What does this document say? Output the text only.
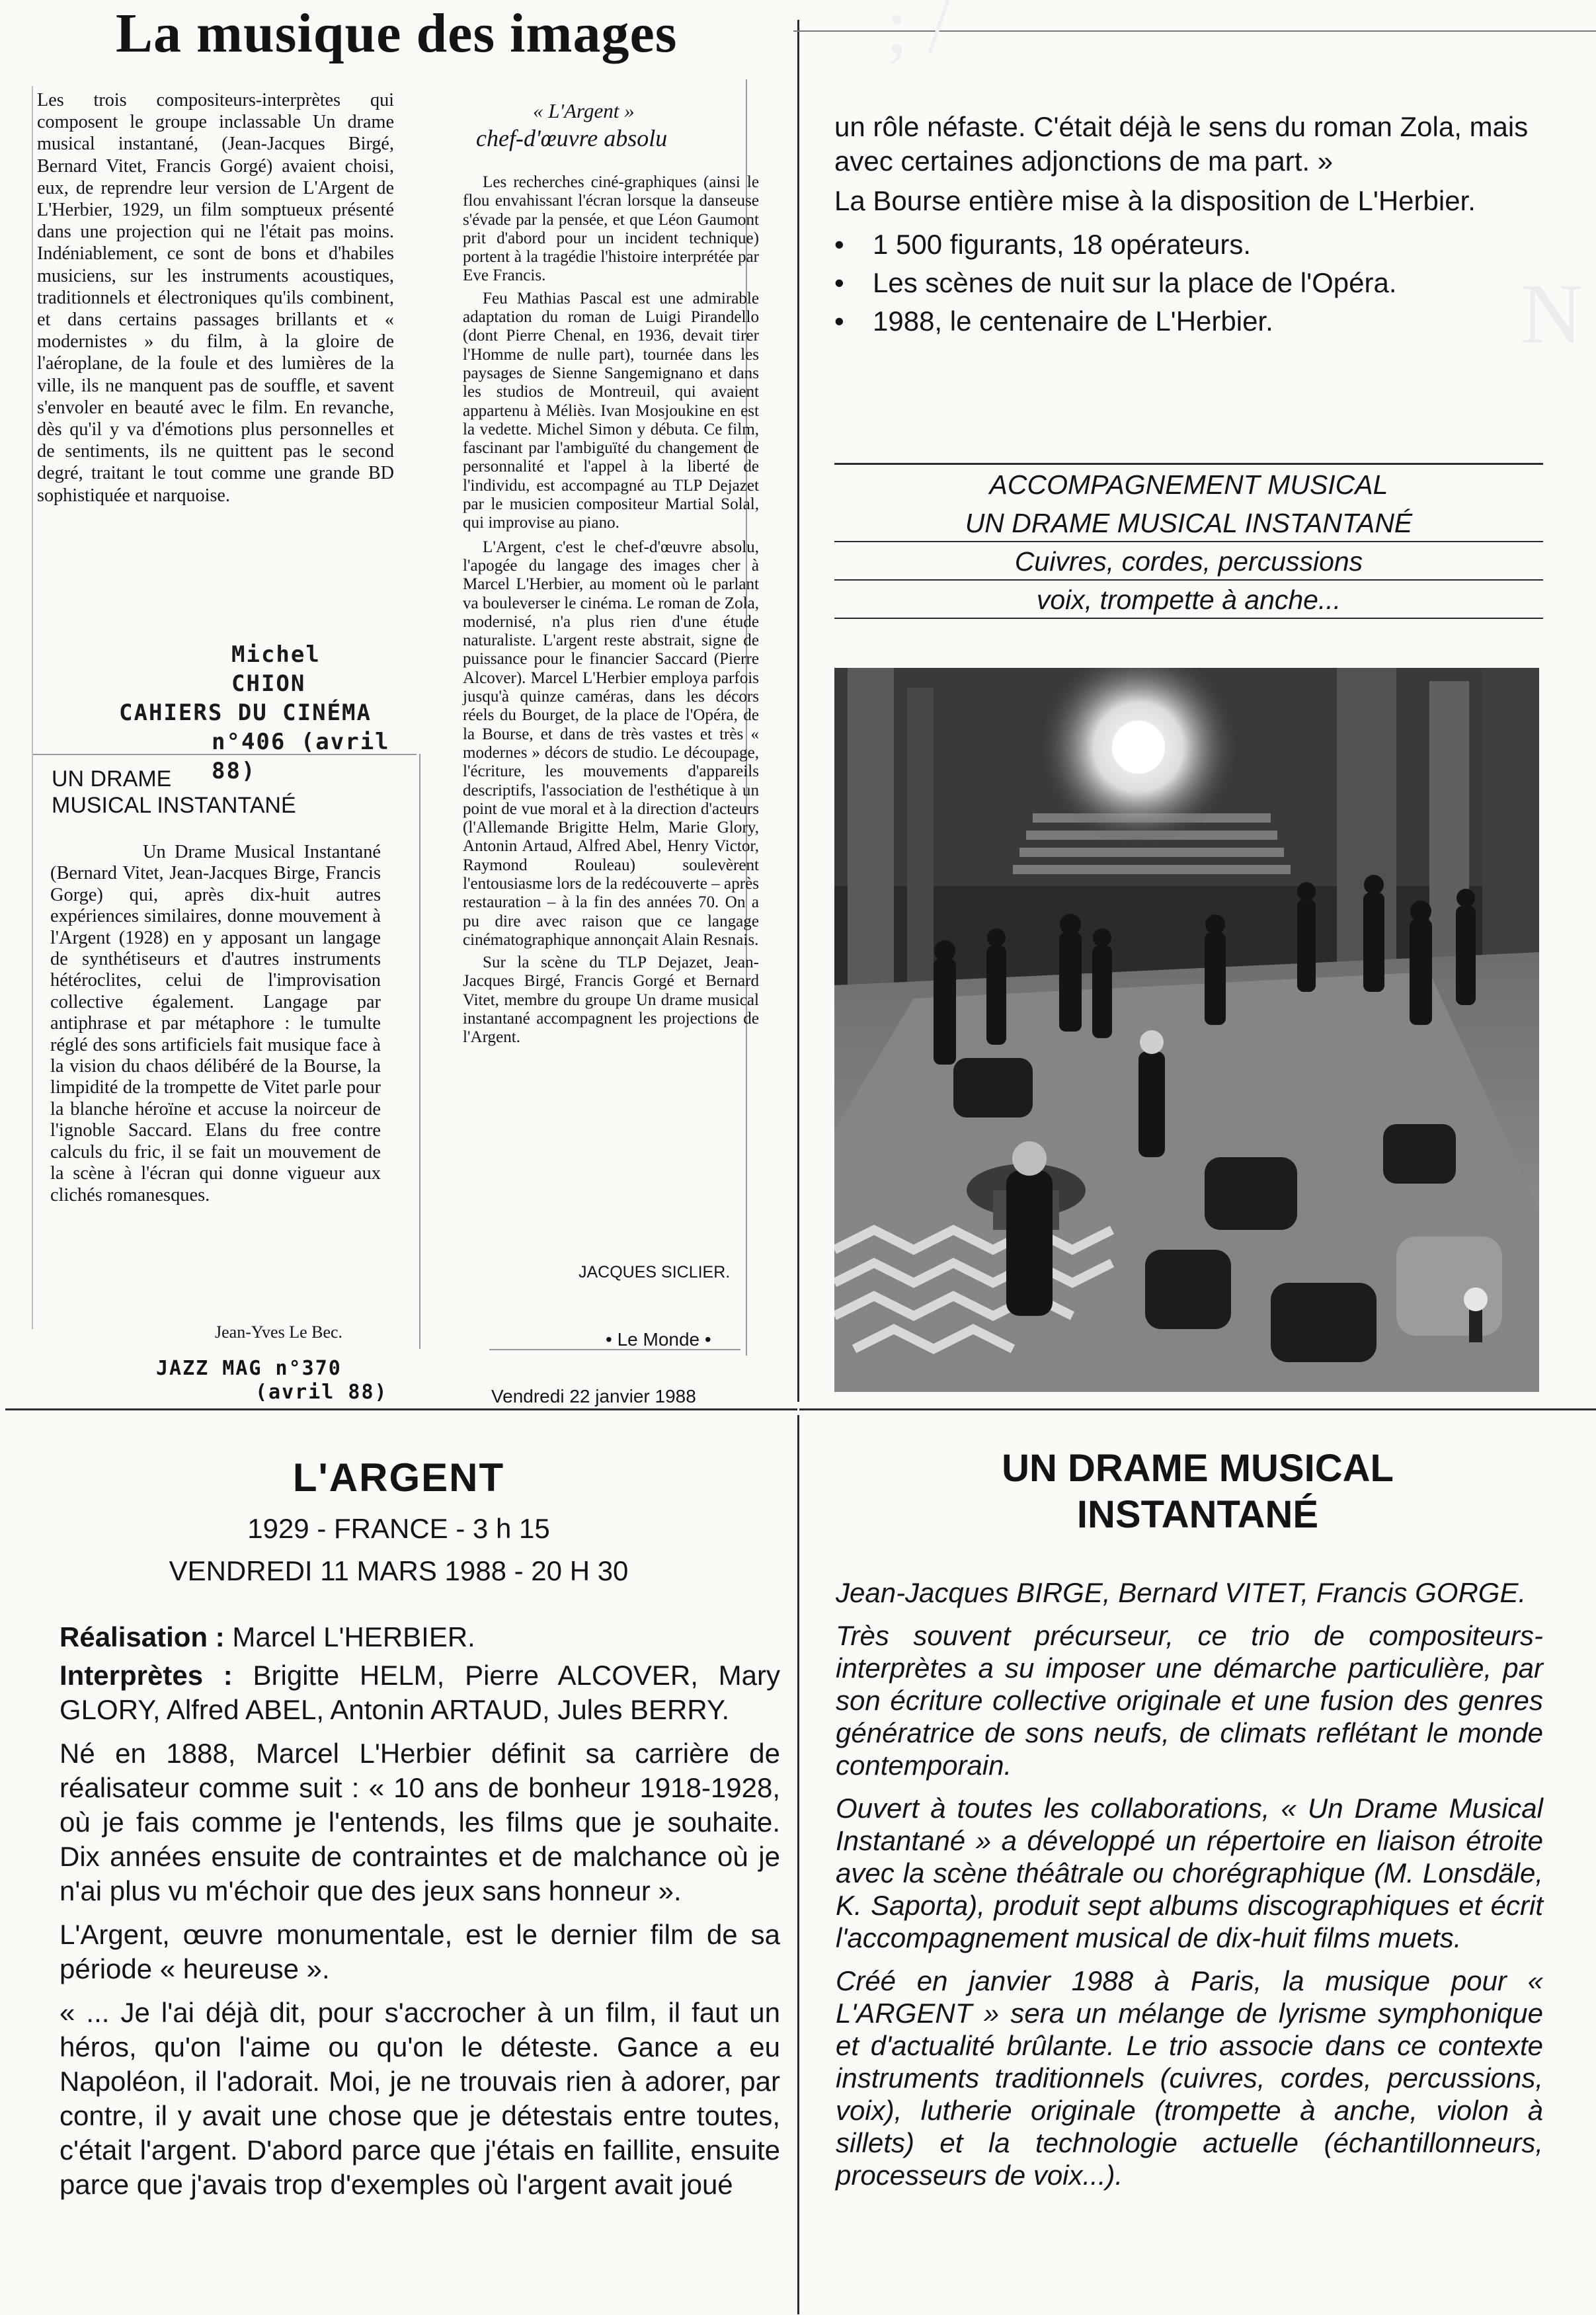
N
; /
La musique des images
Les trois compositeurs-interprètes qui composent le groupe inclassable Un drame musical instantané, (Jean-Jacques Birgé, Bernard Vitet, Francis Gorgé) avaient choisi, eux, de reprendre leur version de L'Argent de L'Herbier, 1929, un film somptueux présenté dans une projection qui ne l'était pas moins. Indéniablement, ce sont de bons et d'habiles musiciens, sur les instruments acoustiques, traditionnels et électroniques qu'ils combinent, et dans certains passages brillants et « modernistes » du film, à la gloire de l'aéroplane, de la foule et des lumières de la ville, ils ne manquent pas de souffle, et savent s'envoler en beauté avec le film. En revanche, dès qu'il y va d'émotions plus personnelles et de sentiments, ils ne quittent pas le second degré, traitant le tout comme une grande BD sophistiquée et narquoise.
Michel CHION
CAHIERS DU CINÉMA
n°406 (avril 88)
UN DRAME
MUSICAL INSTANTANÉ
Un Drame Musical Instantané (Bernard Vitet, Jean-Jacques Birge, Francis Gorge) qui, après dix-huit autres expériences similaires, donne mouvement à l'Argent (1928) en y apposant un langage de synthétiseurs et d'autres instruments hétéroclites, celui de l'improvisation collective également. Langage par antiphrase et par métaphore : le tumulte réglé des sons artificiels fait musique face à la vision du chaos délibéré de la Bourse, la limpidité de la trompette de Vitet parle pour la blanche héroïne et accuse la noirceur de l'ignoble Saccard. Elans du free contre calculs du fric, il se fait un mouvement de la scène à l'écran qui donne vigueur aux clichés romanesques.
Jean-Yves Le Bec.
JAZZ MAG n°370
(avril 88)
« L'Argent »
chef-d'œuvre absolu

Les recherches ciné-graphiques (ainsi le flou envahissant l'écran lorsque la danseuse s'évade par la pensée, et que Léon Gaumont prit d'abord pour un incident technique) portent à la tragédie l'histoire interprétée par Eve Francis.

Feu Mathias Pascal est une admirable adaptation du roman de Luigi Pirandello (dont Pierre Chenal, en 1936, devait tirer l'Homme de nulle part), tournée dans les paysages de Sienne Sangemignano et dans les studios de Montreuil, qui avaient appartenu à Méliès. Ivan Mosjoukine en est la vedette. Michel Simon y débuta. Ce film, fascinant par l'ambiguïté du changement de personnalité et l'appel à la liberté de l'individu, est accompagné au TLP Dejazet par le musicien compositeur Martial Solal, qui improvise au piano.

L'Argent, c'est le chef-d'œuvre absolu, l'apogée du langage des images cher à Marcel L'Herbier, au moment où le parlant va bouleverser le cinéma. Le roman de Zola, modernisé, n'a plus rien d'une étude naturaliste. L'argent reste abstrait, signe de puissance pour le financier Saccard (Pierre Alcover). Marcel L'Herbier employa parfois jusqu'à quinze caméras, dans les décors réels du Bourget, de la place de l'Opéra, de la Bourse, et dans de très vastes et très « modernes » décors de studio. Le découpage, l'écriture, les mouvements d'appareils descriptifs, l'association de l'esthétique à un point de vue moral et à la direction d'acteurs (l'Allemande Brigitte Helm, Marie Glory, Antonin Artaud, Alfred Abel, Henry Victor, Raymond Rouleau) soulevèrent l'entousiasme lors de la redécouverte – après restauration – à la fin des années 70. On a pu dire avec raison que ce langage cinématographique annonçait Alain Resnais.

Sur la scène du TLP Dejazet, Jean-Jacques Birgé, Francis Gorgé et Bernard Vitet, membre du groupe Un drame musical instantané accompagnent les projections de l'Argent.

JACQUES SICLIER.
• Le Monde •
Vendredi 22 janvier 1988

un rôle néfaste. C'était déjà le sens du roman Zola, mais avec certaines adjonctions de ma part. »

La Bourse entière mise à la disposition de L'Herbier.

• 1 500 figurants, 18 opérateurs.
• Les scènes de nuit sur la place de l'Opéra.
• 1988, le centenaire de L'Herbier.
ACCOMPAGNEMENT MUSICAL
UN DRAME MUSICAL INSTANTANÉ
Cuivres, cordes, percussions
voix, trompette à anche...
L'ARGENT
1929 - FRANCE - 3 h 15
VENDREDI 11 MARS 1988 - 20 H 30

Réalisation : Marcel L'HERBIER.

Interprètes : Brigitte HELM, Pierre ALCOVER, Mary GLORY, Alfred ABEL, Antonin ARTAUD, Jules BERRY.

Né en 1888, Marcel L'Herbier définit sa carrière de réalisateur comme suit : « 10 ans de bonheur 1918-1928, où je fais comme je l'entends, les films que je souhaite. Dix années ensuite de contraintes et de malchance où je n'ai plus vu m'échoir que des jeux sans honneur ».

L'Argent, œuvre monumentale, est le dernier film de sa période « heureuse ».

« ... Je l'ai déjà dit, pour s'accrocher à un film, il faut un héros, qu'on l'aime ou qu'on le déteste. Gance a eu Napoléon, il l'adorait. Moi, je ne trouvais rien à adorer, par contre, il y avait une chose que je détestais entre toutes, c'était l'argent. D'abord parce que j'étais en faillite, ensuite parce que j'avais trop d'exemples où l'argent avait joué

UN DRAME MUSICAL
INSTANTANÉ

Jean-Jacques BIRGE, Bernard VITET, Francis GORGE.

Très souvent précurseur, ce trio de compositeurs-interprètes a su imposer une démarche particulière, par son écriture collective originale et une fusion des genres génératrice de sons neufs, de climats reflétant le monde contemporain.

Ouvert à toutes les collaborations, « Un Drame Musical Instantané » a développé un répertoire en liaison étroite avec la scène théâtrale ou chorégraphique (M. Lonsdäle, K. Saporta), produit sept albums discographiques et écrit l'accompagnement musical de dix-huit films muets.

Créé en janvier 1988 à Paris, la musique pour « L'ARGENT » sera un mélange de lyrisme symphonique et d'actualité brûlante. Le trio associe dans ce contexte instruments traditionnels (cuivres, cordes, percussions, voix), lutherie originale (trompette à anche, violon à sillets) et la technologie actuelle (échantillonneurs, processeurs de voix...).
